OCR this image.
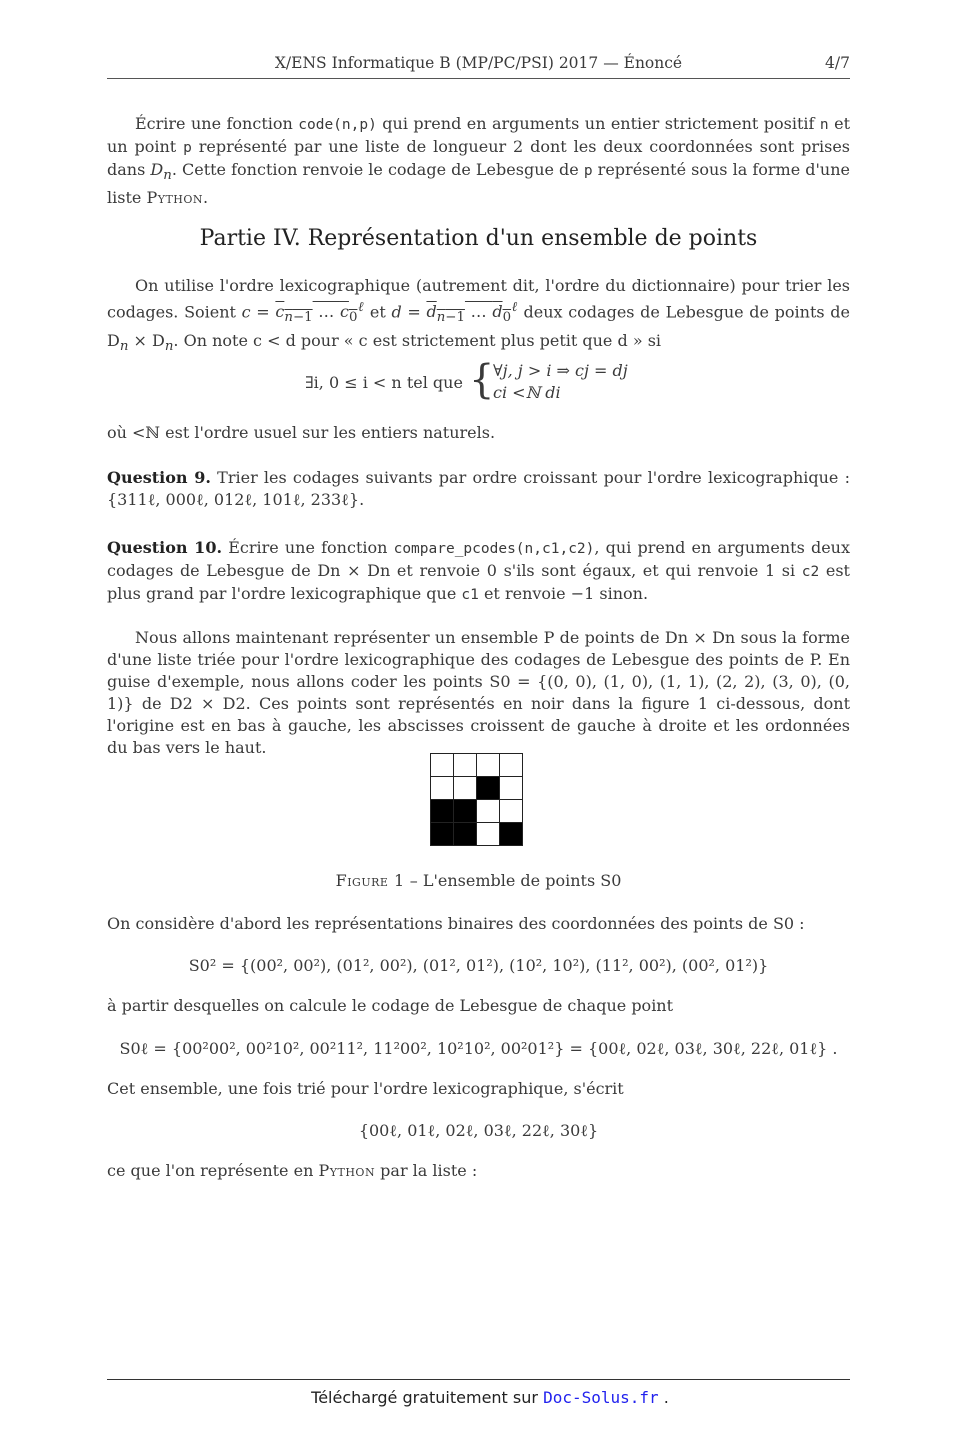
X/ENS Informatique B (MP/PC/PSI) 2017 — Énoncé	4/7

Écrire une fonction code(n,p) qui prend en arguments un entier strictement positif n et un point p représenté par une liste de longueur 2 dont les deux coordonnées sont prises dans $D_n$. Cette fonction renvoie le codage de Lebesgue de p représenté sous la forme d'une liste Python.

Partie IV. Représentation d'un ensemble de points

On utilise l'ordre lexicographique (autrement dit, l'ordre du dictionnaire) pour trier les codages. Soient $c = c_{n-1}$ … $c_0^\ell$ et $d = d_{n-1}$ … $d_0^\ell$ deux codages de Lebesgue de points de $D_n \times D_n$. On note c < d pour « c est strictement plus petit que d » si

∃i, 0 ≤ i < n tel que {
∀j, j > i ⇒ cj = dj
ci <ℕ di

où <ℕ est l'ordre usuel sur les entiers naturels.

Question 9. Trier les codages suivants par ordre croissant pour l'ordre lexicographique : {311ℓ, 000ℓ, 012ℓ, 101ℓ, 233ℓ}.

Question 10. Écrire une fonction compare_pcodes(n,c1,c2), qui prend en arguments deux codages de Lebesgue de Dn × Dn et renvoie 0 s'ils sont égaux, et qui renvoie 1 si c2 est plus grand par l'ordre lexicographique que c1 et renvoie −1 sinon.

Nous allons maintenant représenter un ensemble P de points de Dn × Dn sous la forme d'une liste triée pour l'ordre lexicographique des codages de Lebesgue des points de P. En guise d'exemple, nous allons coder les points S0 = {(0, 0), (1, 0), (1, 1), (2, 2), (3, 0), (0, 1)} de D2 × D2. Ces points sont représentés en noir dans la figure 1 ci-dessous, dont l'origine est en bas à gauche, les abscisses croissent de gauche à droite et les ordonnées du bas vers le haut.

Figure 1 – L'ensemble de points S0

On considère d'abord les représentations binaires des coordonnées des points de S0 :

S0² = {(00², 00²), (01², 00²), (01², 01²), (10², 10²), (11², 00²), (00², 01²)}

à partir desquelles on calcule le codage de Lebesgue de chaque point

S0ℓ = {00²00², 00²10², 00²11², 11²00², 10²10², 00²01²} = {00ℓ, 02ℓ, 03ℓ, 30ℓ, 22ℓ, 01ℓ} .

Cet ensemble, une fois trié pour l'ordre lexicographique, s'écrit

{00ℓ, 01ℓ, 02ℓ, 03ℓ, 22ℓ, 30ℓ}

ce que l'on représente en Python par la liste :

Téléchargé gratuitement sur Doc-Solus.fr .
